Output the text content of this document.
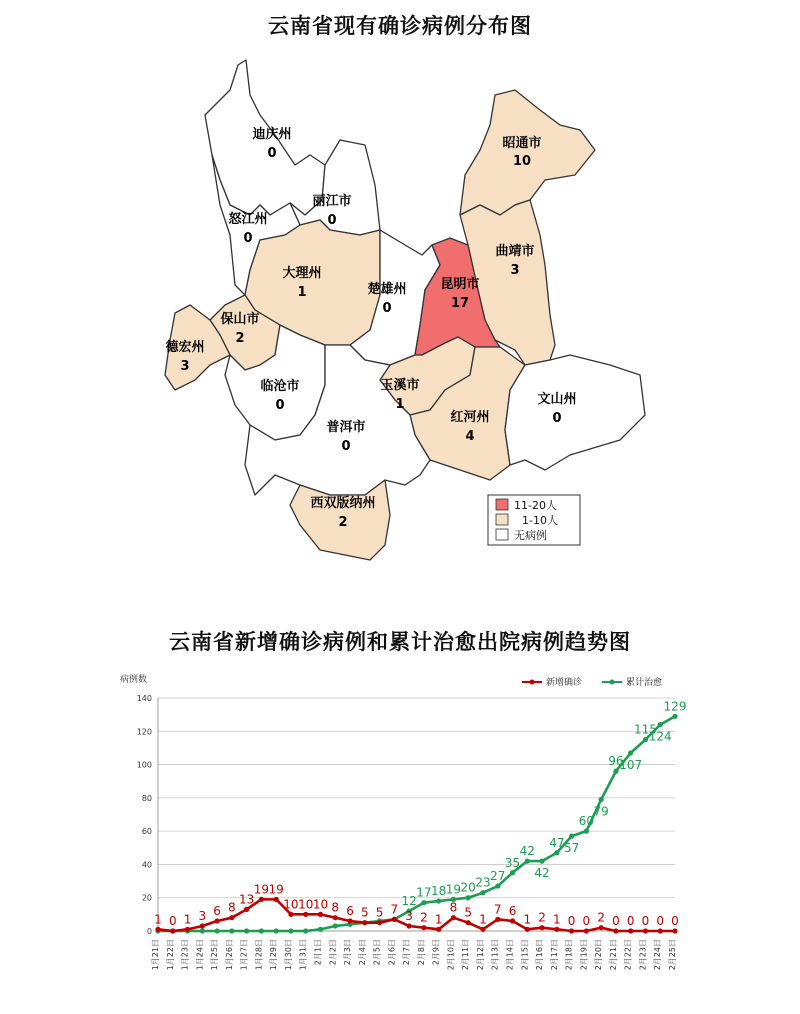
云南省现有确诊病例分布图
迪庆州
0
丽江市
0
怒江州
0
昭通市
10
曲靖市
3
大理州
1	楚雄州
0
昆明市
17
保山市
2
德宏州
3
临沧市
0
玉溪市
1	文山州
0
普洱市
0
红河州
4
西双版纳州
2
11-20人
1-10人
无病例
云南省新增确诊病例和累计治愈出院病例趋势图
病例数
0
20
40
60
80
100
120
140
1月21日 1月22日 1月23日 1月24日 1月25日 1月26日 1月27日 1月28日 1月29日 1月30日 1月31日 2月1日 2月2日 2月3日 2月4日 2月5日 2月6日 2月7日 2月8日 2月9日 2月10日 2月11日 2月12日 2月13日 2月14日 2月15日 2月16日 2月17日 2月18日 2月19日 2月20日 2月21日 2月22日 2月23日 2月24日 2月25日
1 0 1 3 6 8
13
19 19
10 10 10 8 6 5 5 7 3 2 1
8 5 1
7 6
1 2 1 0 0 2 0 0 0 0 0
12
17 18 19 20 23 27
35
42
42
47 57
60
79
96
107
115
124
129
新增确诊	累计治愈
